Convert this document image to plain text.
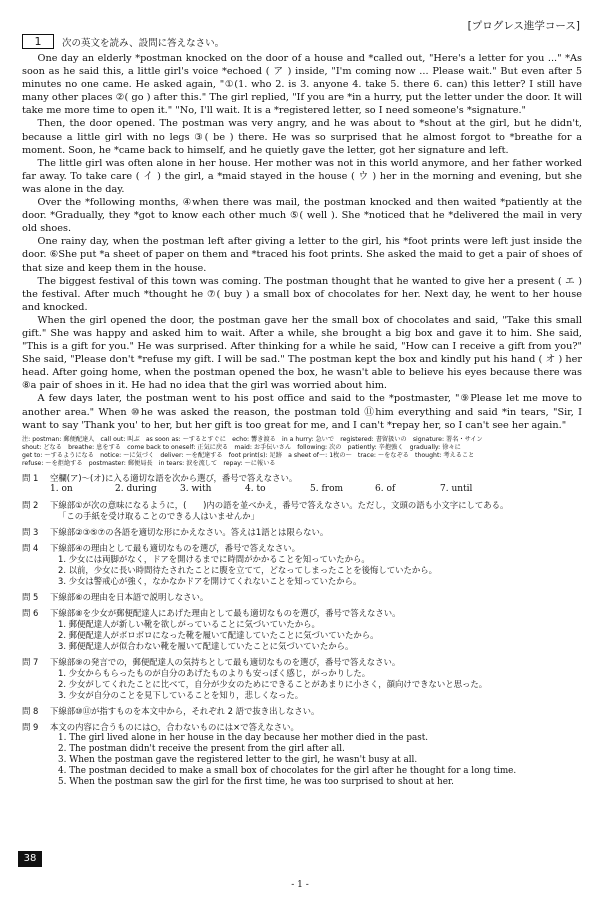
[プログレス進学コース]
1	次の英文を読み、設問に答えなさい。

One day an elderly *postman knocked on the door of a house and *called out, "Here's a letter for you ..." *As soon as he said this, a little girl's voice *echoed ( ア ) inside, "I'm coming now ... Please wait." But even after 5 minutes no one came. He asked again, "①(1. who 2. is 3. anyone 4. take 5. there 6. can) this letter? I still have many other places ②( go ) after this." The girl replied, "If you are *in a hurry, put the letter under the door. It will take me more time to open it." "No, I'll wait. It is a *registered letter, so I need someone's *signature."

Then, the door opened. The postman was very angry, and he was about to *shout at the girl, but he didn't, because a little girl with no legs ③( be ) there. He was so surprised that he almost forgot to *breathe for a moment. Soon, he *came back to himself, and he quietly gave the letter, got her signature and left.

The little girl was often alone in her house. Her mother was not in this world anymore, and her father worked far away. To take care ( イ ) the girl, a *maid stayed in the house ( ウ ) her in the morning and evening, but she was alone in the day.

Over the *following months, ④when there was mail, the postman knocked and then waited *patiently at the door. *Gradually, they *got to know each other much ⑤( well ). She *noticed that he *delivered the mail in very old shoes.

One rainy day, when the postman left after giving a letter to the girl, his *foot prints were left just inside the door. ⑥She put *a sheet of paper on them and *traced his foot prints. She asked the maid to get a pair of shoes of that size and keep them in the house.

The biggest festival of this town was coming. The postman thought that he wanted to give her a present ( エ ) the festival. After much *thought he ⑦( buy ) a small box of chocolates for her. Next day, he went to her house and knocked.

When the girl opened the door, the postman gave her the small box of chocolates and said, "Take this small gift." She was happy and asked him to wait. After a while, she brought a big box and gave it to him. She said, "This is a gift for you." He was surprised. After thinking for a while he said, "How can I receive a gift from you?" She said, "Please don't *refuse my gift. I will be sad." The postman kept the box and kindly put his hand ( オ ) her head. After going home, when the postman opened the box, he wasn't able to believe his eyes because there was ⑧a pair of shoes in it. He had no idea that the girl was worried about him.

A few days later, the postman went to his post office and said to the *postmaster, "⑨Please let me move to another area." When ⑩he was asked the reason, the postman told ⑪him everything and said *in tears, "Sir, I want to say 'Thank you' to her, but her gift is too great for me, and I can't *repay her, so I can't see her again."

注: postman: 郵便配達人　call out: 叫ぶ　as soon as: ～するとすぐに　echo: 響き渡る　in a hurry: 急いで　registered: 書留扱いの　signature: 署名・サイン
shout: どなる　breathe: 息をする　come back to oneself: 正気に戻る　maid: お手伝いさん　following: 次の　patiently: 辛抱強く　gradually: 徐々に
get to: ～するようになる　notice: ～に気づく　deliver: ～を配達する　foot print(s): 足跡　a sheet of～: 1枚の～　trace: ～をなぞる　thought: 考えること
refuse: ～を拒絶する　postmaster: 郵便局長　in tears: 涙を流して　repay: ～に報いる
問 1	空欄(ア)～(オ)に入る適切な語を次から選び，番号で答えなさい。
1. on	2. during	3. with	4. to	5. from	6. of	7. until
問 2	下線部①が次の意味になるように，(　　)内の語を並べかえ，番号で答えなさい。ただし，文頭の語も小文字にしてある。
「この手紙を受け取ることのできる人はいませんか」
問 3	下線部②③⑤⑦の各語を適切な形にかえなさい。答えは1語とは限らない。
問 4	下線部④の理由として最も適切なものを選び，番号で答えなさい。
1. 少女には両脚がなく，ドアを開けるまでに時間がかかることを知っていたから。
2. 以前，少女に長い時間待たされたことに腹を立てて，どなってしまったことを後悔していたから。
3. 少女は警戒心が強く，なかなかドアを開けてくれないことを知っていたから。
問 5	下線部⑥の理由を日本語で説明しなさい。
問 6	下線部⑧を少女が郵便配達人にあげた理由として最も適切なものを選び，番号で答えなさい。
1. 郵便配達人が新しい靴を欲しがっていることに気づいていたから。
2. 郵便配達人がボロボロになった靴を履いて配達していたことに気づいていたから。
3. 郵便配達人が似合わない靴を履いて配達していたことに気づいていたから。
問 7	下線部⑨の発言での，郵便配達人の気持ちとして最も適切なものを選び，番号で答えなさい。
1. 少女からもらったものが自分のあげたものよりも安っぽく感じ，がっかりした。
2. 少女がしてくれたことに比べて，自分が少女のためにできることがあまりに小さく，顔向けできないと思った。
3. 少女が自分のことを見下していることを知り，悲しくなった。
問 8	下線部⑩⑪が指すものを本文中から，それぞれ 2 語で抜き出しなさい。
問 9	本文の内容に合うものには○，合わないものには×で答えなさい。
1. The girl lived alone in her house in the day because her mother died in the past.
2. The postman didn't receive the present from the girl after all.
3. When the postman gave the registered letter to the girl, he wasn't busy at all.
4. The postman decided to make a small box of chocolates for the girl after he thought for a long time.
5. When the postman saw the girl for the first time, he was too surprised to shout at her.
38
- 1 -
